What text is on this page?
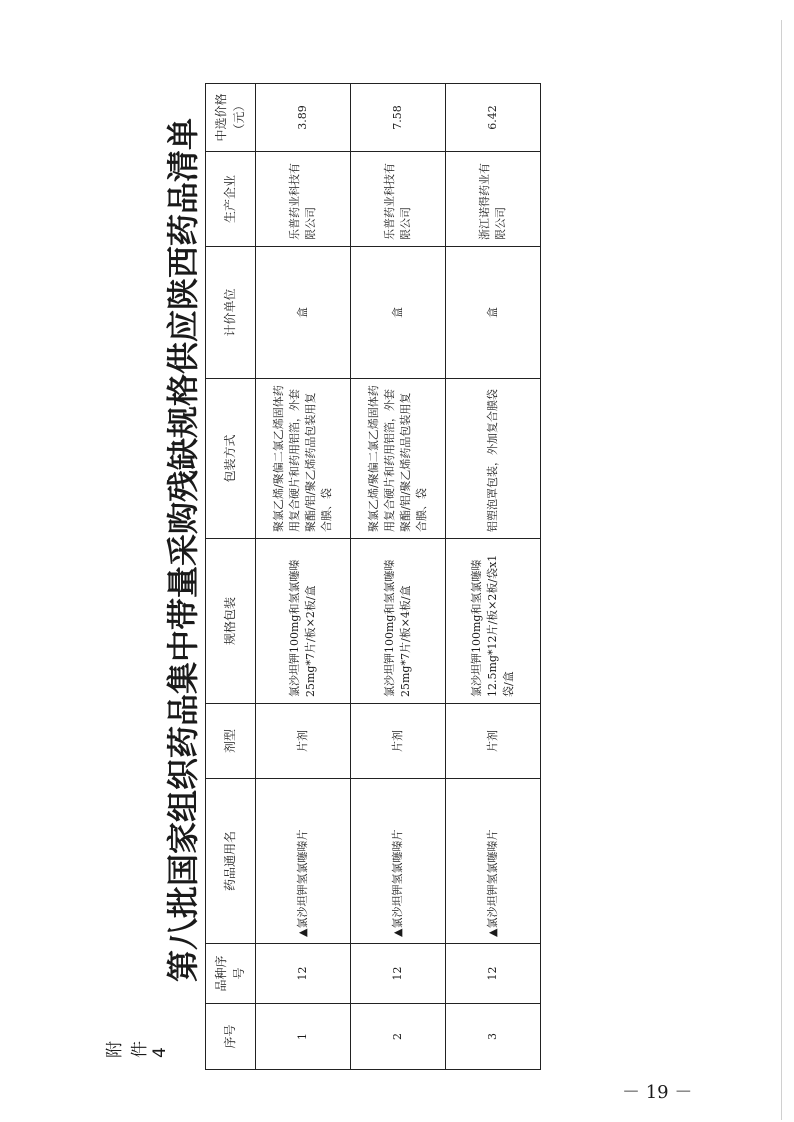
附件4
第八批国家组织药品集中带量采购残缺规格供应陕西药品清单
序号	品种序号	药品通用名	剂型	规格包装	包装方式	计价单位	生产企业	中选价格（元）
1	12	▲氯沙坦钾氢氯噻嗪片	片剂	氯沙坦钾100mg和氢氯噻嗪25mg*7片/板×2板/盒	聚氯乙烯/聚偏二氯乙烯固体药用复合硬片和药用铝箔，外套聚酯/铝/聚乙烯药品包装用复合膜、袋	盒	乐普药业科技有限公司	3.89
2	12	▲氯沙坦钾氢氯噻嗪片	片剂	氯沙坦钾100mg和氢氯噻嗪25mg*7片/板×4板/盒	聚氯乙烯/聚偏二氯乙烯固体药用复合硬片和药用铝箔，外套聚酯/铝/聚乙烯药品包装用复合膜、袋	盒	乐普药业科技有限公司	7.58
3	12	▲氯沙坦钾氢氯噻嗪片	片剂	氯沙坦钾100mg和氢氯噻嗪12.5mg*12片/板×2板/袋x1袋/盒	铝塑泡罩包装，外加复合膜袋	盒	浙江诺得药业有限公司	6.42
－ 19 －
